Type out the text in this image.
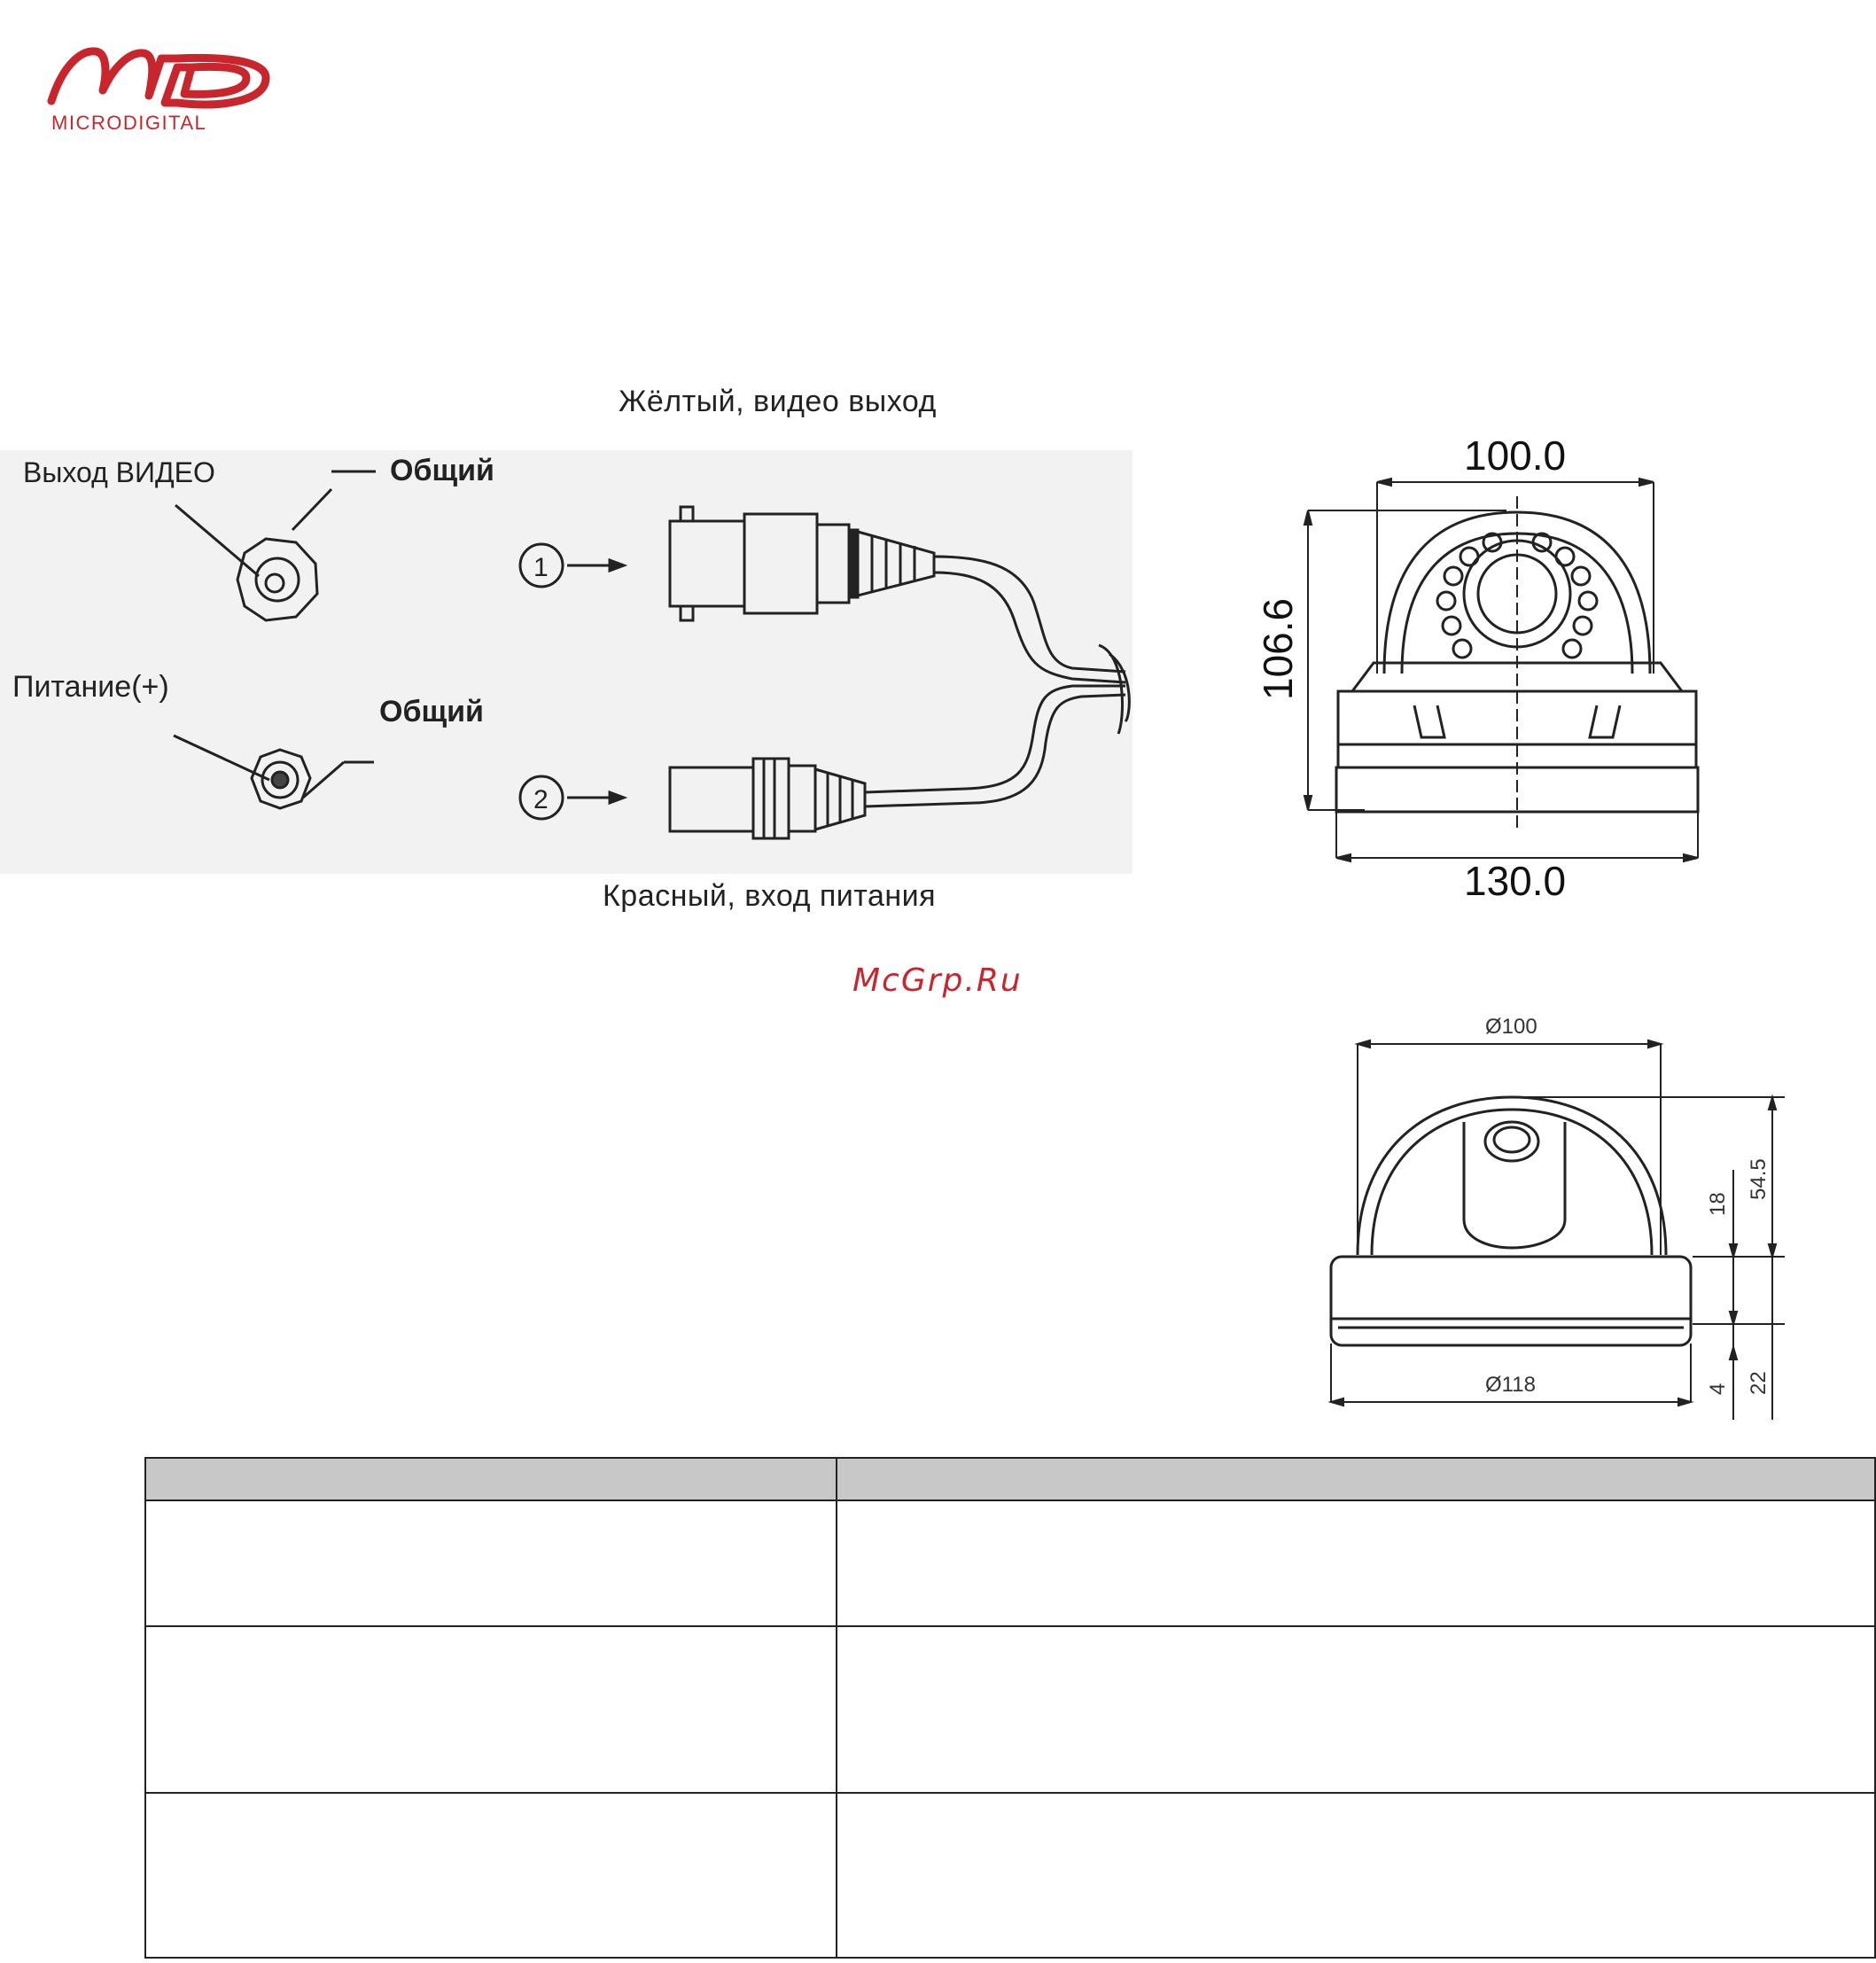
MICRODIGITAL
Жёлтый, видео выход
Красный, вход питания
Выход ВИДЕО	Общий
Питание(+)
Общий
1
2
100.0
106.6
130.0
McGrp.Ru
Ø100
Ø118
54.5
18
4 22
